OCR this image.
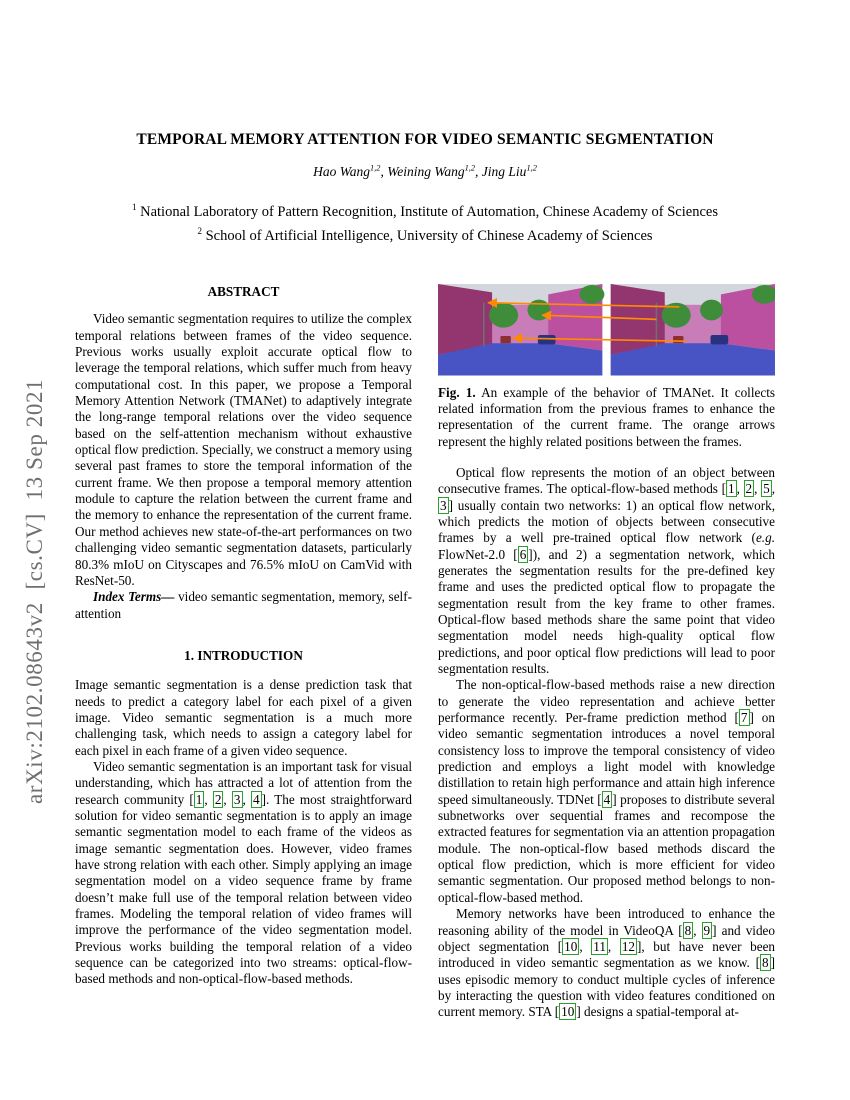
arXiv:2102.08643v2  [cs.CV]  13 Sep 2021
TEMPORAL MEMORY ATTENTION FOR VIDEO SEMANTIC SEGMENTATION
Hao Wang$^{1,2}$, Weining Wang$^{1,2}$, Jing Liu$^{1,2}$
$^1$ National Laboratory of Pattern Recognition, Institute of Automation, Chinese Academy of Sciences
$^2$ School of Artificial Intelligence, University of Chinese Academy of Sciences
ABSTRACT

Video semantic segmentation requires to utilize the complex temporal relations between frames of the video sequence. Previous works usually exploit accurate optical flow to leverage the temporal relations, which suffer much from heavy computational cost. In this paper, we propose a Temporal Memory Attention Network (TMANet) to adaptively integrate the long-range temporal relations over the video sequence based on the self-attention mechanism without exhaustive optical flow prediction. Specially, we construct a memory using several past frames to store the temporal information of the current frame. We then propose a temporal memory attention module to capture the relation between the current frame and the memory to enhance the representation of the current frame. Our method achieves new state-of-the-art performances on two challenging video semantic segmentation datasets, particularly 80.3% mIoU on Cityscapes and 76.5% mIoU on CamVid with ResNet-50.

Index Terms— video semantic segmentation, memory, self-attention

1. INTRODUCTION

Image semantic segmentation is a dense prediction task that needs to predict a category label for each pixel of a given image. Video semantic segmentation is a much more challenging task, which needs to assign a category label for each pixel in each frame of a given video sequence.

Video semantic segmentation is an important task for visual understanding, which has attracted a lot of attention from the research community [ 1 , 2 , 3 , 4 ]. The most straightforward solution for video semantic segmentation is to apply an image semantic segmentation model to each frame of the videos as image semantic segmentation does. However, video frames have strong relation with each other. Simply applying an image segmentation model on a video sequence frame by frame doesn’t make full use of the temporal relation between video frames. Modeling the temporal relation of video frames will improve the performance of the video segmentation model. Previous works building the temporal relation of a video sequence can be categorized into two streams: optical-flow-based methods and non-optical-flow-based methods.

Fig. 1. An example of the behavior of TMANet. It collects related information from the previous frames to enhance the representation of the current frame. The orange arrows represent the highly related positions between the frames.

Optical flow represents the motion of an object between consecutive frames. The optical-flow-based methods [ 1 , 2 , 5 , 3 ] usually contain two networks: 1) an optical flow network, which predicts the motion of objects between consecutive frames by a well pre-trained optical flow network (e.g. FlowNet-2.0 [ 6 ]), and 2) a segmentation network, which generates the segmentation results for the pre-defined key frame and uses the predicted optical flow to propagate the segmentation result from the key frame to other frames. Optical-flow based methods share the same point that video segmentation model needs high-quality optical flow predictions, and poor optical flow predictions will lead to poor segmentation results.

The non-optical-flow-based methods raise a new direction to generate the video representation and achieve better performance recently. Per-frame prediction method [ 7 ] on video semantic segmentation introduces a novel temporal consistency loss to improve the temporal consistency of video prediction and employs a light model with knowledge distillation to retain high performance and attain high inference speed simultaneously. TDNet [ 4 ] proposes to distribute several subnetworks over sequential frames and recompose the extracted features for segmentation via an attention propagation module. The non-optical-flow based methods discard the optical flow prediction, which is more efficient for video semantic segmentation. Our proposed method belongs to non-optical-flow-based method.

Memory networks have been introduced to enhance the reasoning ability of the model in VideoQA [ 8 , 9 ] and video object segmentation [ 10 , 11 , 12 ], but have never been introduced in video semantic segmentation as we know. [ 8 ] uses episodic memory to conduct multiple cycles of inference by interacting the question with video features conditioned on current memory. STA [ 10 ] designs a spatial-temporal at-
